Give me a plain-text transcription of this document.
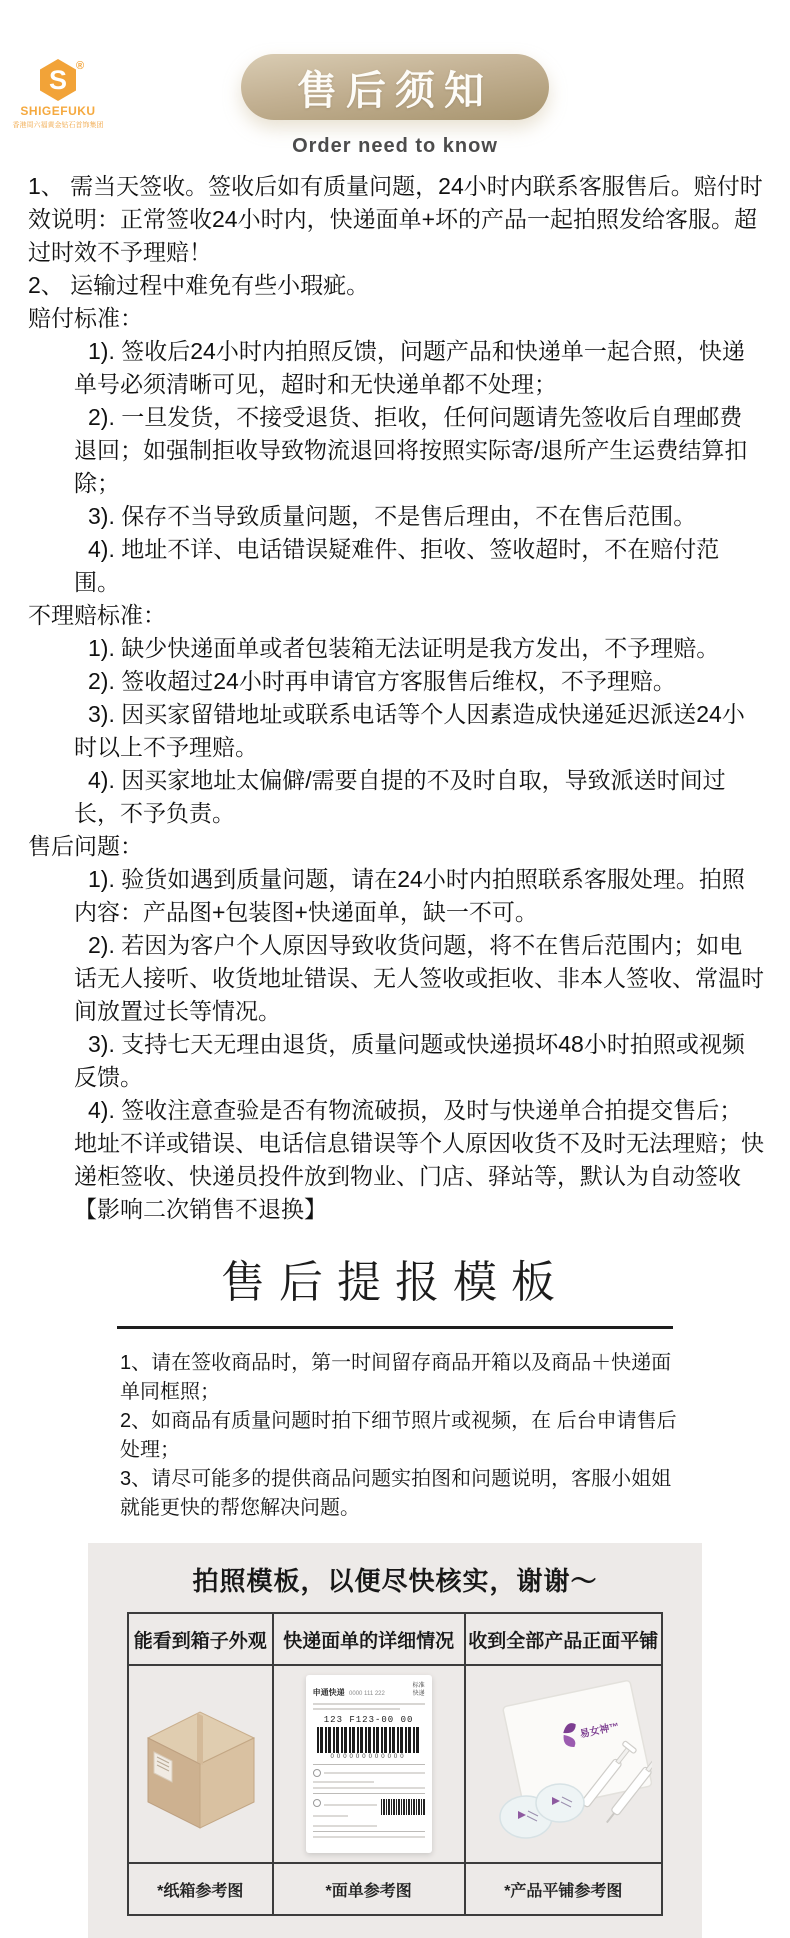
S ®
SHIGEFUKU
香港周六福黄金钻石首饰集团
售后须知
Order need to know

1、 需当天签收。签收后如有质量问题，24小时内联系客服售后。赔付时效说明：正常签收24小时内，快递面单+坏的产品一起拍照发给客服。超过时效不予理赔！

2、 运输过程中难免有些小瑕疵。

赔付标准：

1). 签收后24小时内拍照反馈，问题产品和快递单一起合照，快递单号必须清晰可见，超时和无快递单都不处理；

2). 一旦发货，不接受退货、拒收，任何问题请先签收后自理邮费退回；如强制拒收导致物流退回将按照实际寄/退所产生运费结算扣除；

3). 保存不当导致质量问题，不是售后理由，不在售后范围。

4). 地址不详、电话错误疑难件、拒收、签收超时，不在赔付范围。

不理赔标准：

1). 缺少快递面单或者包装箱无法证明是我方发出，不予理赔。

2). 签收超过24小时再申请官方客服售后维权，不予理赔。

3). 因买家留错地址或联系电话等个人因素造成快递延迟派送24小时以上不予理赔。

4). 因买家地址太偏僻/需要自提的不及时自取，导致派送时间过长，不予负责。

售后问题：

1). 验货如遇到质量问题，请在24小时内拍照联系客服处理。拍照内容：产品图+包装图+快递面单，缺一不可。

2). 若因为客户个人原因导致收货问题，将不在售后范围内；如电话无人接听、收货地址错误、无人签收或拒收、非本人签收、常温时间放置过长等情况。

3). 支持七天无理由退货，质量问题或快递损坏48小时拍照或视频反馈。

4). 签收注意查验是否有物流破损，及时与快递单合拍提交售后；地址不详或错误、电话信息错误等个人原因收货不及时无法理赔；快递柜签收、快递员投件放到物业、门店、驿站等，默认为自动签收【影响二次销售不退换】

售后提报模板

1、请在签收商品时，第一时间留存商品开箱以及商品＋快递面单同框照；

2、如商品有质量问题时拍下细节照片或视频，在 后台申请售后处理；

3、请尽可能多的提供商品问题实拍图和问题说明，客服小姐姐就能更快的帮您解决问题。

拍照模板，以便尽快核实，谢谢～
能看到箱子外观	快递面单的详细情况	收到全部产品正面平铺

申通快递 0000 111 222
标准
快递
123 F123-00 00
000000000000	易女神™

*纸箱参考图	*面单参考图	*产品平铺参考图
